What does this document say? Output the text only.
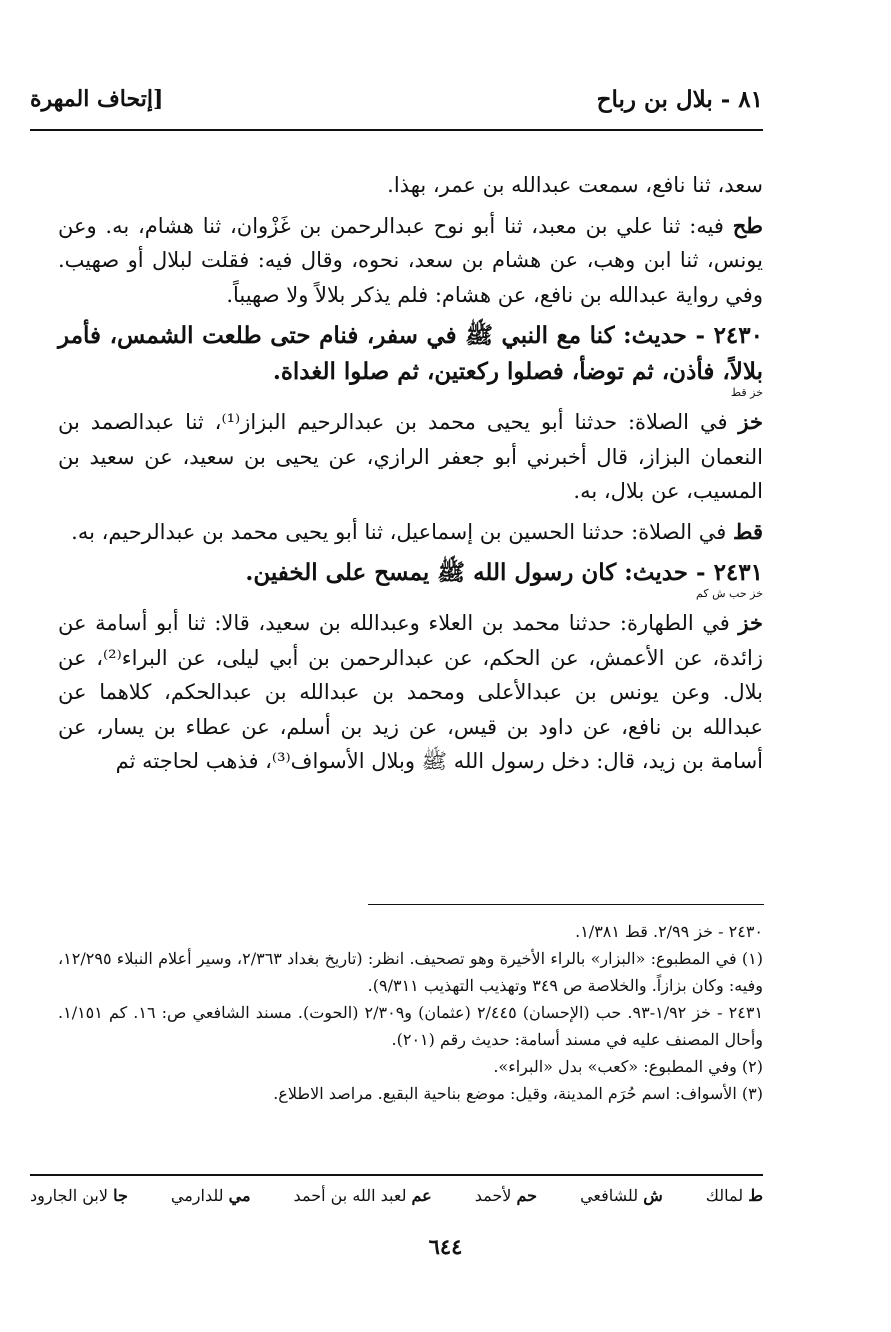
٨١ - بلال بن رباح
[إتحاف المهرة

سعد، ثنا نافع، سمعت عبدالله بن عمر، بهذا.

طح فيه: ثنا علي بن معبد، ثنا أبو نوح عبدالرحمن بن غَزْوان، ثنا هشام، به. وعن يونس، ثنا ابن وهب، عن هشام بن سعد، نحوه، وقال فيه: فقلت لبلال أو صهيب. وفي رواية عبدالله بن نافع، عن هشام: فلم يذكر بلالاً ولا صهيباً.

٢٤٣٠ - حديث: كنا مع النبي ﷺ في سفر، فنام حتى طلعت الشمس، فأمر بلالاً، فأذن، ثم توضأ، فصلوا ركعتين، ثم صلوا الغداة.
خز قط

خز في الصلاة: حدثنا أبو يحيى محمد بن عبدالرحيم البزاز⁽¹⁾، ثنا عبدالصمد بن النعمان البزاز، قال أخبرني أبو جعفر الرازي، عن يحيى بن سعيد، عن سعيد بن المسيب، عن بلال، به.

قط في الصلاة: حدثنا الحسين بن إسماعيل، ثنا أبو يحيى محمد بن عبدالرحيم، به.

٢٤٣١ - حديث: كان رسول الله ﷺ يمسح على الخفين.
خز حب ش كم

خز في الطهارة: حدثنا محمد بن العلاء وعبدالله بن سعيد، قالا: ثنا أبو أسامة عن زائدة، عن الأعمش، عن الحكم، عن عبدالرحمن بن أبي ليلى، عن البراء⁽²⁾، عن بلال. وعن يونس بن عبدالأعلى ومحمد بن عبدالله بن عبدالحكم، كلاهما عن عبدالله بن نافع، عن داود بن قيس، عن زيد بن أسلم، عن عطاء بن يسار، عن أسامة بن زيد، قال: دخل رسول الله ﷺ وبلال الأسواف⁽³⁾، فذهب لحاجته ثم

٢٤٣٠ - خز ٢/٩٩. قط ١/٣٨١.

(١) في المطبوع: «البزار» بالراء الأخيرة وهو تصحيف. انظر: (تاريخ بغداد ٢/٣٦٣، وسير أعلام النبلاء ١٢/٢٩٥، وفيه: وكان بزازاً. والخلاصة ص ٣٤٩ وتهذيب التهذيب ٩/٣١١).

٢٤٣١ - خز ١/٩٢-٩٣. حب (الإحسان) ٢/٤٤٥ (عثمان) و٢/٣٠٩ (الحوت). مسند الشافعي ص: ١٦. كم ١/١٥١. وأحال المصنف عليه في مسند أسامة: حديث رقم (٢٠١).

(٢) وفي المطبوع: «كعب» بدل «البراء».

(٣) الأسواف: اسم حُرَم المدينة، وقيل: موضع بناحية البقيع. مراصد الاطلاع.

ط لمالك
ش للشافعي
حم لأحمد
عم لعبد الله بن أحمد
مي للدارمي
جا لابن الجارود
٦٤٤
